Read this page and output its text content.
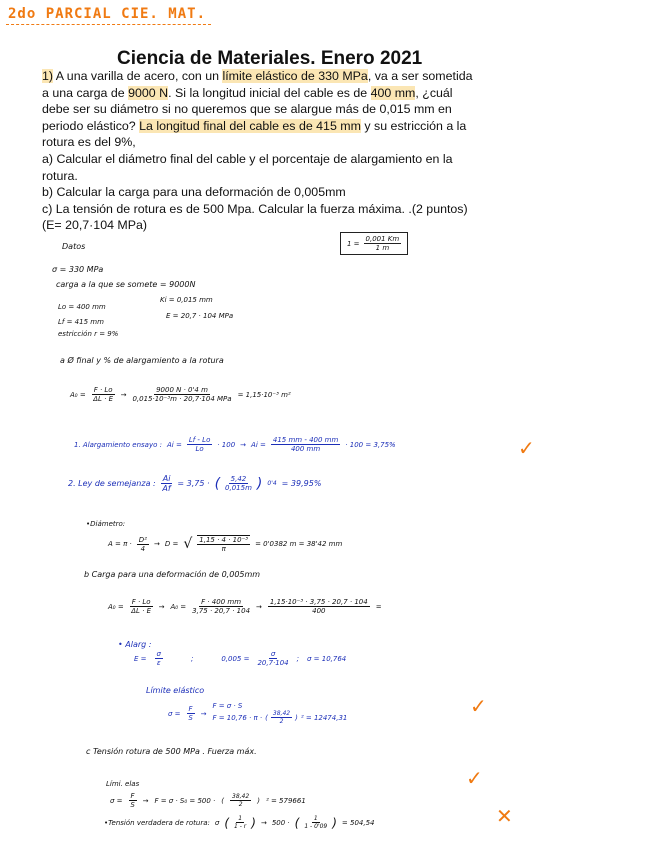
2do PARCIAL CIE. MAT.
Ciencia de Materiales. Enero 2021

1) A una varilla de acero, con un límite elástico de 330 MPa, va a ser sometida

a una carga de 9000 N. Si la longitud inicial del cable es de 400 mm, ¿cuál

debe ser su diámetro si no queremos que se alargue más de 0,015 mm en

periodo elástico? La longitud final del cable es de 415 mm y su estricción a la

rotura es del 9%,

a) Calcular el diámetro final del cable y el porcentaje de alargamiento en la

rotura.

b) Calcular la carga para una deformación de 0,005mm

c) La tensión de rotura es de 500 Mpa. Calcular la fuerza máxima. .(2 puntos)

(E= 20,7·104 MPa)

Datos	$1 = \frac{0,001 Km}{1 m}$
σ = 330 MPa
carga a la que se somete = 9000N
Lo = 400 mm
Ki = 0,015 mm
Lf = 415 mm
E = 20,7 · 104 MPa
estricción r = 9%
a Ø final y % de alargamiento a la rotura
$A_0 = \frac{F \cdot Lo}{\Delta L \cdot E}$ →
9000 N · 0'4 m
0,015·10⁻³m · 20,7·104 MPa
= 1,15·10⁻³ m²
1. Alargamiento ensayo : $Ai = \frac{Lf - Lo}{Lo} \cdot 100 \to Ai = \frac{415 mm - 400 mm}{400 mm} \cdot 100 = 3,75\%$
2. Ley de semejanza : $\frac{Ai}{Af} = 3,75$ · ( 5,42
0,015m ) 0'4 = 39,95%
•Diámetro:
A = π ·
D²
4
→ D = √ $\frac{\text{1,15 · 4 · 10⁻³}}{\pi} = 0'0382$ m = 38'42 mm
b Carga para una deformación de 0,005mm
$A_0 = \frac{F \cdot Lo}{\Delta L \cdot E} \to A_0 = \frac{F \cdot 400 mm}{3,75 \cdot 20,7 \cdot 104} \to \frac{\text{1,15·10⁻³ · 3,75 · 20,7 · 104}}{400}$ =
• Alarg :
$E = \frac{\sigma}{\varepsilon}$	;	$0,005 = \frac{\sigma}{20,7\cdot 104}$ ; σ = 10,764
Límite elástico
$\sigma = \frac{F}{S}$ →
F = σ · S
F = 10,76 · π · ( 38,42
2 ) ² = 12474,31
c Tensión rotura de 500 MPa . Fuerza máx.
Lími. elas
$\sigma = \frac{F}{S} \to F = \sigma \cdot S_0 = 500$ · (	38,42
2 ) ² = 579661
•Tensión verdadera de rotura: σ (	1
1 - r ) → 500 · (	1
1 - 0'09 ) = 504,54
✓
✓
✓
✕
